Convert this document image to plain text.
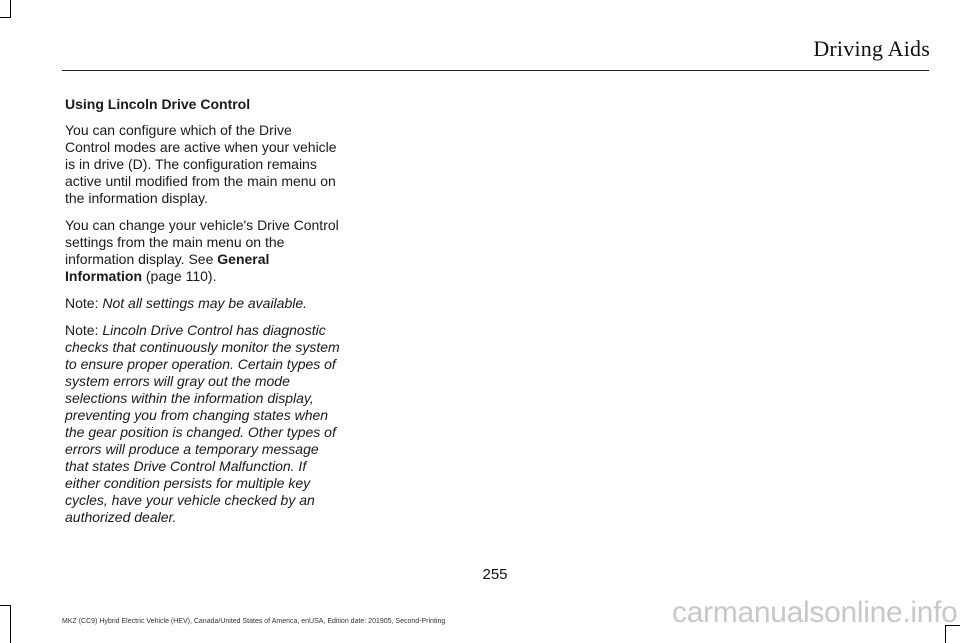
Driving Aids

Using Lincoln Drive Control

You can configure which of the Drive Control modes are active when your vehicle is in drive (D). The configuration remains active until modified from the main menu on the information display.

You can change your vehicle's Drive Control settings from the main menu on the information display. See General Information (page 110).

Note: Not all settings may be available.

Note: Lincoln Drive Control has diagnostic checks that continuously monitor the system to ensure proper operation. Certain types of system errors will gray out the mode selections within the information display, preventing you from changing states when the gear position is changed. Other types of errors will produce a temporary message that states Drive Control Malfunction. If either condition persists for multiple key cycles, have your vehicle checked by an authorized dealer.

255
MKZ (CC9) Hybrid Electric Vehicle (HEV), Canada/United States of America, enUSA, Edition date: 201905, Second-Printing	carmanualsonline.info
